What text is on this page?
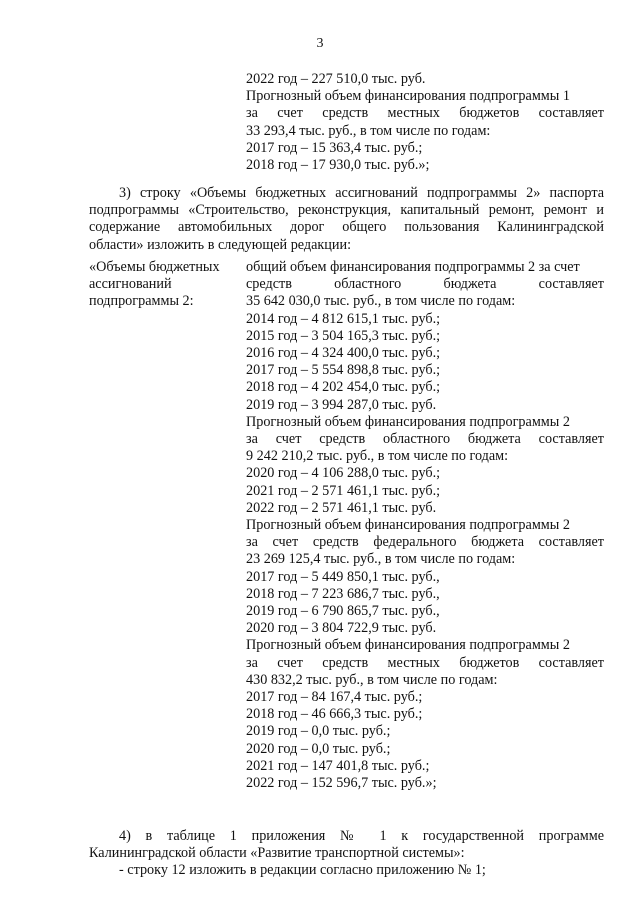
3
2022 год – 227 510,0 тыс. руб.
Прогнозный объем финансирования подпрограммы 1
за счет средств местных бюджетов составляет
33 293,4 тыс. руб., в том числе по годам:
2017 год – 15 363,4 тыс. руб.;
2018 год – 17 930,0 тыс. руб.»;
3) строку «Объемы бюджетных ассигнований подпрограммы 2» паспорта
подпрограммы «Строительство, реконструкция, капитальный ремонт, ремонт и
содержание автомобильных дорог общего пользования Калининградской
области» изложить в следующей редакции:
«Объемы бюджетных
ассигнований
подпрограммы 2:
общий объем финансирования подпрограммы 2 за счет
средств областного бюджета составляет
35 642 030,0 тыс. руб., в том числе по годам:
2014 год – 4 812 615,1 тыс. руб.;
2015 год – 3 504 165,3 тыс. руб.;
2016 год – 4 324 400,0 тыс. руб.;
2017 год – 5 554 898,8 тыс. руб.;
2018 год – 4 202 454,0 тыс. руб.;
2019 год – 3 994 287,0 тыс. руб.
Прогнозный объем финансирования подпрограммы 2
за счет средств областного бюджета составляет
9 242 210,2 тыс. руб., в том числе по годам:
2020 год – 4 106 288,0 тыс. руб.;
2021 год – 2 571 461,1 тыс. руб.;
2022 год – 2 571 461,1 тыс. руб.
Прогнозный объем финансирования подпрограммы 2
за счет средств федерального бюджета составляет
23 269 125,4 тыс. руб., в том числе по годам:
2017 год – 5 449 850,1 тыс. руб.,
2018 год – 7 223 686,7 тыс. руб.,
2019 год – 6 790 865,7 тыс. руб.,
2020 год – 3 804 722,9 тыс. руб.
Прогнозный объем финансирования подпрограммы 2
за счет средств местных бюджетов составляет
430 832,2 тыс. руб., в том числе по годам:
2017 год – 84 167,4 тыс. руб.;
2018 год – 46 666,3 тыс. руб.;
2019 год – 0,0 тыс. руб.;
2020 год – 0,0 тыс. руб.;
2021 год – 147 401,8 тыс. руб.;
2022 год – 152 596,7 тыс. руб.»;
4) в таблице 1 приложения № 1 к государственной программе
Калининградской области «Развитие транспортной системы»:
- строку 12 изложить в редакции согласно приложению № 1;
